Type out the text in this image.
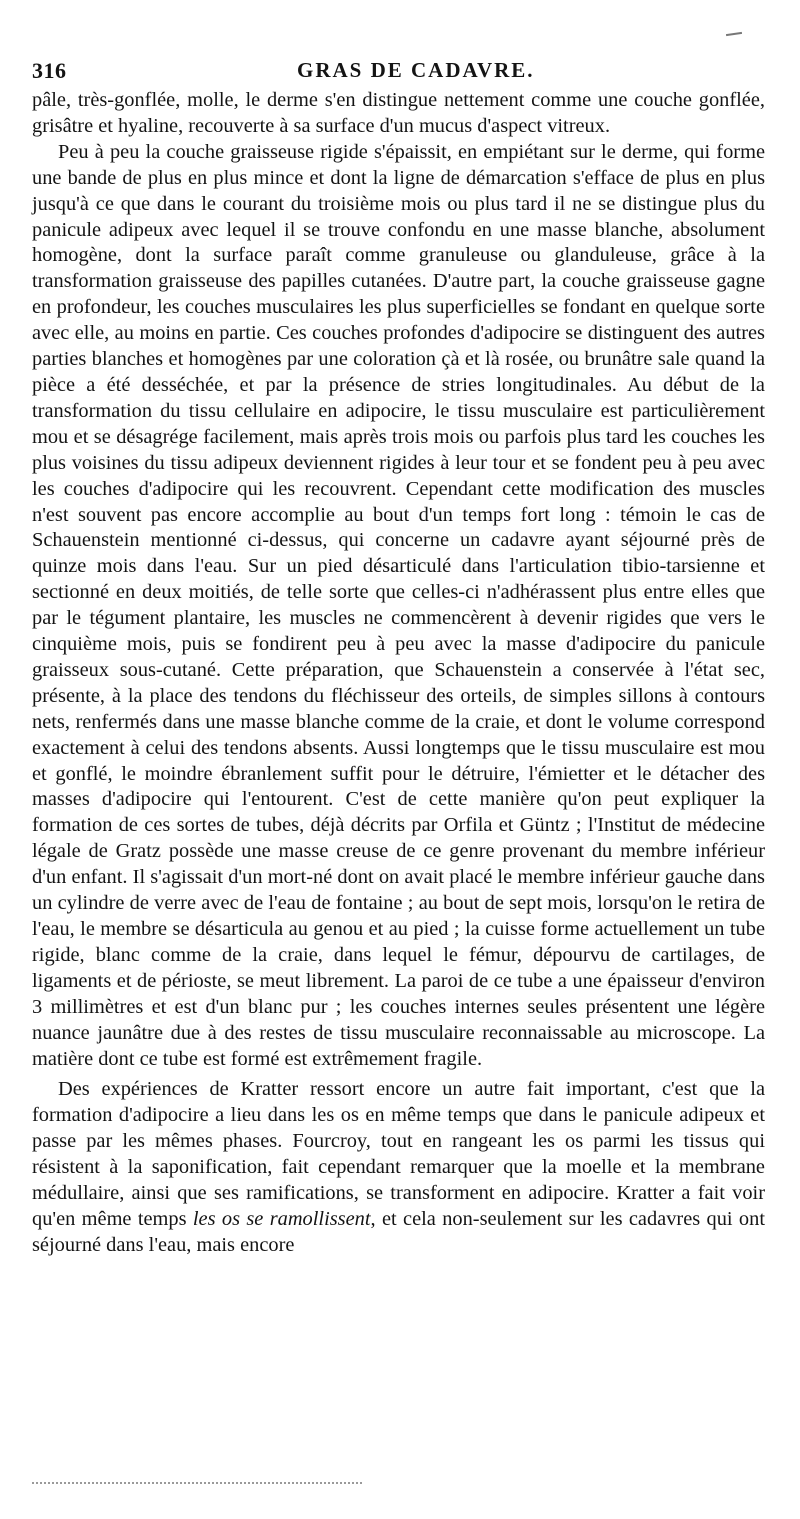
316	GRAS DE CADAVRE.

pâle, très-gonflée, molle, le derme s'en distingue nettement comme une couche gonflée, grisâtre et hyaline, recouverte à sa surface d'un mucus d'aspect vitreux.

Peu à peu la couche graisseuse rigide s'épaissit, en empiétant sur le derme, qui forme une bande de plus en plus mince et dont la ligne de démarcation s'efface de plus en plus jusqu'à ce que dans le courant du troisième mois ou plus tard il ne se distingue plus du panicule adipeux avec lequel il se trouve confondu en une masse blanche, absolument homogène, dont la surface paraît comme granuleuse ou glanduleuse, grâce à la transformation graisseuse des papilles cutanées. D'autre part, la couche graisseuse gagne en profondeur, les couches musculaires les plus superficielles se fondant en quelque sorte avec elle, au moins en partie. Ces couches profondes d'adipocire se distinguent des autres parties blanches et homogènes par une coloration çà et là rosée, ou brunâtre sale quand la pièce a été desséchée, et par la présence de stries longitudinales. Au début de la transformation du tissu cellulaire en adipocire, le tissu musculaire est particulièrement mou et se désagrége facilement, mais après trois mois ou parfois plus tard les couches les plus voisines du tissu adipeux deviennent rigides à leur tour et se fondent peu à peu avec les couches d'adipocire qui les recouvrent. Cependant cette modification des muscles n'est souvent pas encore accomplie au bout d'un temps fort long : témoin le cas de Schauenstein mentionné ci-dessus, qui concerne un cadavre ayant séjourné près de quinze mois dans l'eau. Sur un pied désarticulé dans l'articulation tibio-tarsienne et sectionné en deux moitiés, de telle sorte que celles-ci n'adhérassent plus entre elles que par le tégument plantaire, les muscles ne commencèrent à devenir rigides que vers le cinquième mois, puis se fondirent peu à peu avec la masse d'adipocire du panicule graisseux sous-cutané. Cette préparation, que Schauenstein a conservée à l'état sec, présente, à la place des tendons du fléchisseur des orteils, de simples sillons à contours nets, renfermés dans une masse blanche comme de la craie, et dont le volume correspond exactement à celui des tendons absents. Aussi longtemps que le tissu musculaire est mou et gonflé, le moindre ébranlement suffit pour le détruire, l'émietter et le détacher des masses d'adipocire qui l'entourent. C'est de cette manière qu'on peut expliquer la formation de ces sortes de tubes, déjà décrits par Orfila et Güntz ; l'Institut de médecine légale de Gratz possède une masse creuse de ce genre provenant du membre inférieur d'un enfant. Il s'agissait d'un mort-né dont on avait placé le membre inférieur gauche dans un cylindre de verre avec de l'eau de fontaine ; au bout de sept mois, lorsqu'on le retira de l'eau, le membre se désarticula au genou et au pied ; la cuisse forme actuellement un tube rigide, blanc comme de la craie, dans lequel le fémur, dépourvu de cartilages, de ligaments et de périoste, se meut librement. La paroi de ce tube a une épaisseur d'environ 3 millimètres et est d'un blanc pur ; les couches internes seules présentent une légère nuance jaunâtre due à des restes de tissu musculaire reconnaissable au microscope. La matière dont ce tube est formé est extrêmement fragile.

Des expériences de Kratter ressort encore un autre fait important, c'est que la formation d'adipocire a lieu dans les os en même temps que dans le panicule adipeux et passe par les mêmes phases. Fourcroy, tout en rangeant les os parmi les tissus qui résistent à la saponification, fait cependant remarquer que la moelle et la membrane médullaire, ainsi que ses ramifications, se transforment en adipocire. Kratter a fait voir qu'en même temps les os se ramollissent, et cela non-seulement sur les cadavres qui ont séjourné dans l'eau, mais encore
